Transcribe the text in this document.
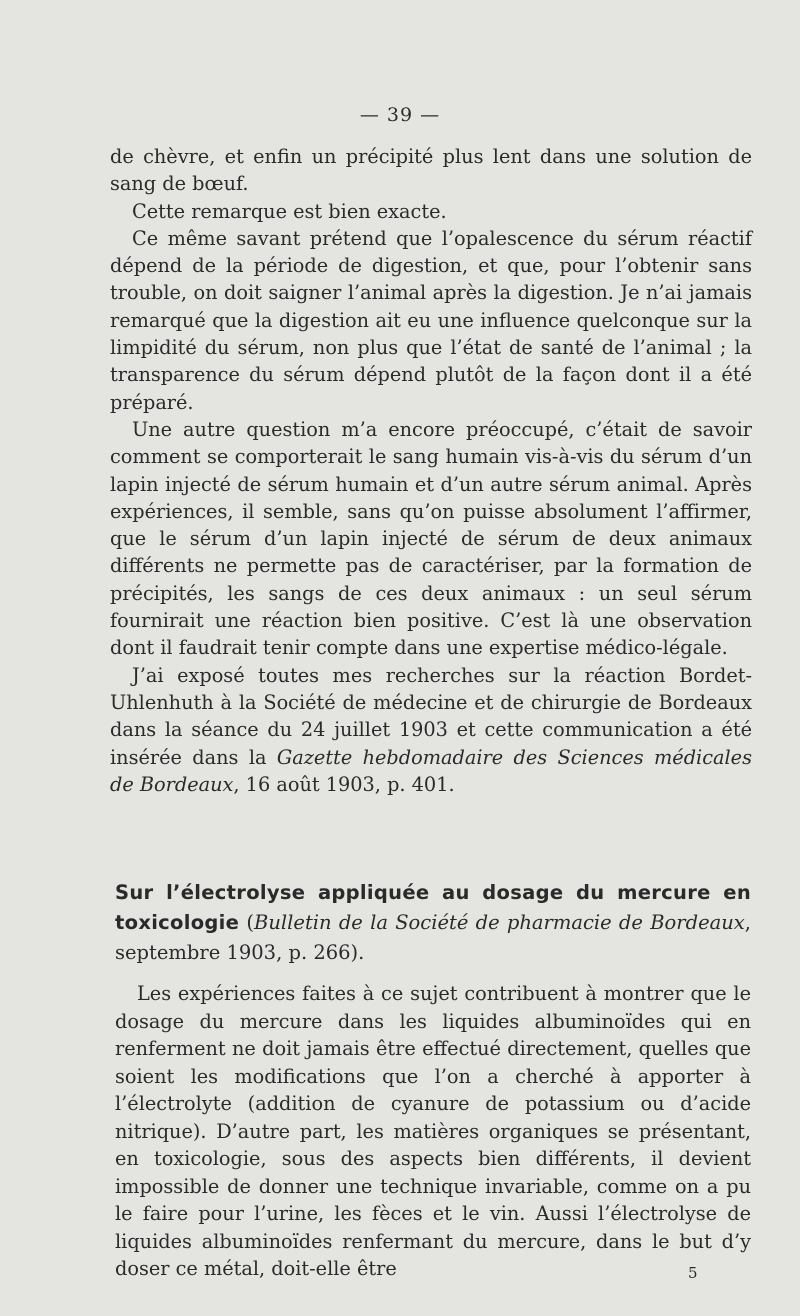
— 39 —

de chèvre, et enfin un précipité plus lent dans une solution de sang de bœuf.

Cette remarque est bien exacte.

Ce même savant prétend que l’opalescence du sérum réactif dépend de la période de digestion, et que, pour l’obtenir sans trouble, on doit saigner l’animal après la digestion. Je n’ai jamais remarqué que la digestion ait eu une influence quelconque sur la limpidité du sérum, non plus que l’état de santé de l’animal ; la transparence du sérum dépend plutôt de la façon dont il a été préparé.

Une autre question m’a encore préoccupé, c’était de savoir comment se comporterait le sang humain vis-à-vis du sérum d’un lapin injecté de sérum humain et d’un autre sérum animal. Après expériences, il semble, sans qu’on puisse absolument l’affirmer, que le sérum d’un lapin injecté de sérum de deux animaux différents ne permette pas de caractériser, par la formation de précipités, les sangs de ces deux animaux : un seul sérum fournirait une réaction bien positive. C’est là une observation dont il faudrait tenir compte dans une expertise médico-légale.

J’ai exposé toutes mes recherches sur la réaction Bordet-Uhlenhuth à la Société de médecine et de chirurgie de Bordeaux dans la séance du 24 juillet 1903 et cette communication a été insérée dans la Gazette hebdomadaire des Sciences médicales de Bordeaux, 16 août 1903, p. 401.

Sur l’électrolyse appliquée au dosage du mercure en toxicologie (Bulletin de la Société de pharmacie de Bordeaux, septembre 1903, p. 266).

Les expériences faites à ce sujet contribuent à montrer que le dosage du mercure dans les liquides albuminoïdes qui en renferment ne doit jamais être effectué directement, quelles que soient les modifications que l’on a cherché à apporter à l’électrolyte (addition de cyanure de potassium ou d’acide nitrique). D’autre part, les matières organiques se présentant, en toxicologie, sous des aspects bien différents, il devient impossible de donner une technique invariable, comme on a pu le faire pour l’urine, les fèces et le vin. Aussi l’électrolyse de liquides albuminoïdes renfermant du mercure, dans le but d’y doser ce métal, doit-elle être	5
